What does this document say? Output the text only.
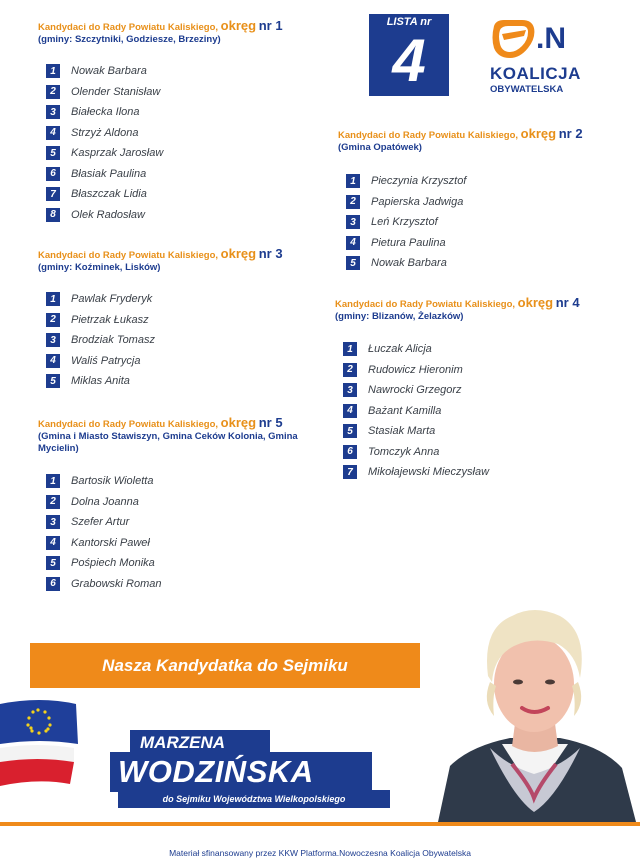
LISTA nr
4	.N
KOALICJA
OBYWATELSKA
Kandydaci do Rady Powiatu Kaliskiego, okręg nr 1
(gminy: Szczytniki, Godziesze, Brzeziny)
1	Nowak Barbara
2	Olender Stanisław
3	Białecka Ilona
4	Strzyż Aldona
5	Kasprzak Jarosław
6	Błasiak Paulina
7	Błaszczak Lidia
8	Olek Radosław
Kandydaci do Rady Powiatu Kaliskiego, okręg nr 2
(Gmina Opatówek)
1	Pieczynia Krzysztof
2	Papierska Jadwiga
3	Leń Krzysztof
4	Pietura Paulina
5	Nowak Barbara
Kandydaci do Rady Powiatu Kaliskiego, okręg nr 3
(gminy: Koźminek, Lisków)
1	Pawlak Fryderyk
2	Pietrzak Łukasz
3	Brodziak Tomasz
4	Waliś Patrycja
5	Miklas Anita
Kandydaci do Rady Powiatu Kaliskiego, okręg nr 4
(gminy: Blizanów, Żelazków)
1	Łuczak Alicja
2	Rudowicz Hieronim
3	Nawrocki Grzegorz
4	Bażant Kamilla
5	Stasiak Marta
6	Tomczyk Anna
7	Mikołajewski Mieczysław
Kandydaci do Rady Powiatu Kaliskiego, okręg nr 5
(Gmina i Miasto Stawiszyn, Gmina Ceków Kolonia, Gmina Mycielin)
1	Bartosik Wioletta
2	Dolna Joanna
3	Szefer Artur
4	Kantorski Paweł
5	Pośpiech Monika
6	Grabowski Roman
Nasza Kandydatka do Sejmiku
MARZENA
WODZIŃSKA
do Sejmiku Województwa Wielkopolskiego
Materiał sfinansowany przez KKW Platforma.Nowoczesna Koalicja Obywatelska
